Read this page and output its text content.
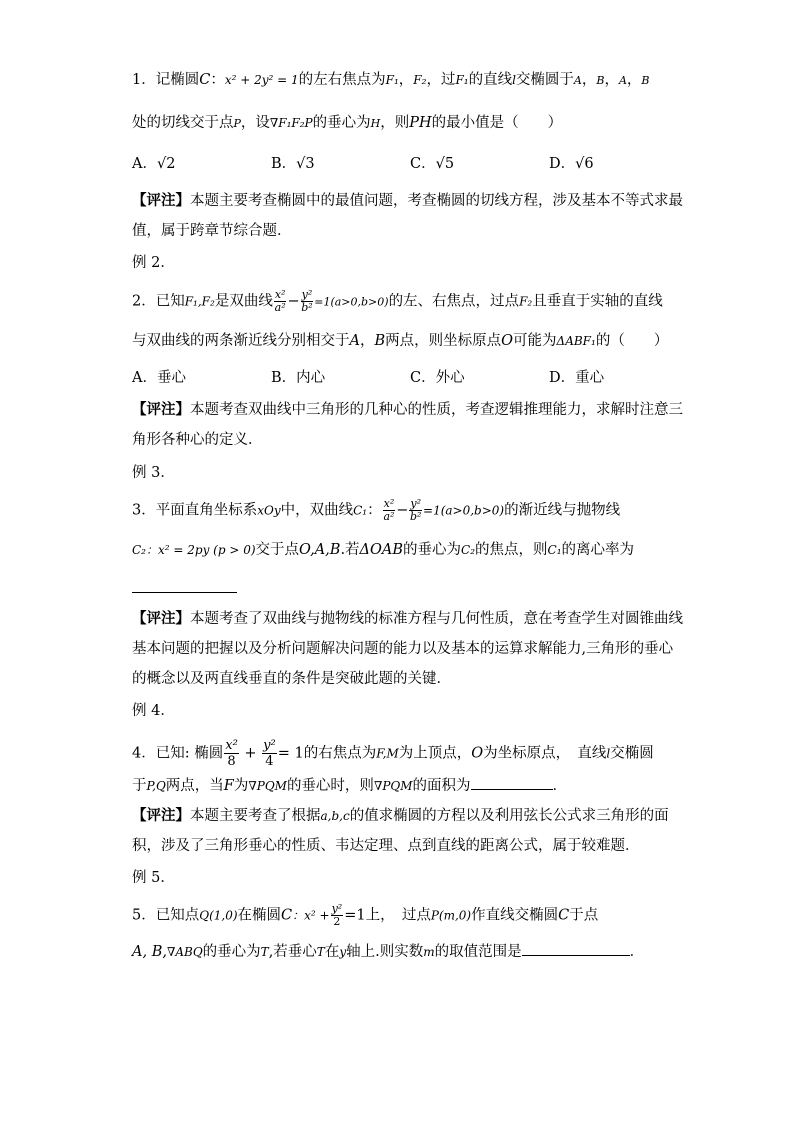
1．记椭圆C：x² + 2y² = 1的左右焦点为F₁，F₂，过F₁的直线l交椭圆于A，B，A，B
处的切线交于点P，设∇F₁F₂P的垂心为H，则PH的最小值是（　　）
A．√2	B．√3	C．√5	D．√6
【评注】本题主要考查椭圆中的最值问题，考查椭圆的切线方程，涉及基本不等式求最
值，属于跨章节综合题．
例 2．
2．已知F₁,F₂是双曲线 $\frac{\text{x²}}{\text{a²}} - \frac{\text{y²}}{\text{b²}} =1(a>0,b>0)$的左、右焦点，过点F₂且垂直于实轴的直线
与双曲线的两条渐近线分别相交于A，B两点，则坐标原点O可能为ΔABF₁的（　　）
A．垂心	B．内心	C．外心	D．重心
【评注】本题考查双曲线中三角形的几种心的性质，考查逻辑推理能力，求解时注意三
角形各种心的定义．
例 3．
3．平面直角坐标系xOy中，双曲线C₁： $\frac{\text{x²}}{\text{a²}} - \frac{\text{y²}}{\text{b²}} =1(a>0,b>0)$的渐近线与抛物线
C₂：x² = 2py (p > 0)交于点O,A,B.若ΔOAB的垂心为C₂的焦点，则C₁的离心率为
【评注】本题考查了双曲线与抛物线的标准方程与几何性质，意在考查学生对圆锥曲线
基本问题的把握以及分析问题解决问题的能力以及基本的运算求解能力,三角形的垂心
的概念以及两直线垂直的条件是突破此题的关键．
例 4．
4．已知: 椭圆 $\frac{\text{x²}}{8} + \frac{\text{y²}}{4} = 1$的右焦点为F,M为上顶点，O为坐标原点，　直线l交椭圆
于P,Q两点，当F为∇PQM的垂心时，则∇PQM的面积为	．
【评注】本题主要考查了根据a,b,c的值求椭圆的方程以及利用弦长公式求三角形的面
积，涉及了三角形垂心的性质、韦达定理、点到直线的距离公式，属于较难题．
例 5．
5．已知点Q(1,0)在椭圆C：$x^2 + \frac{\text{y²}}{2} =1$上，　过点P(m,0)作直线交椭圆C于点
A, B,∇ABQ的垂心为T,若垂心T在y轴上.则实数m的取值范围是	．
